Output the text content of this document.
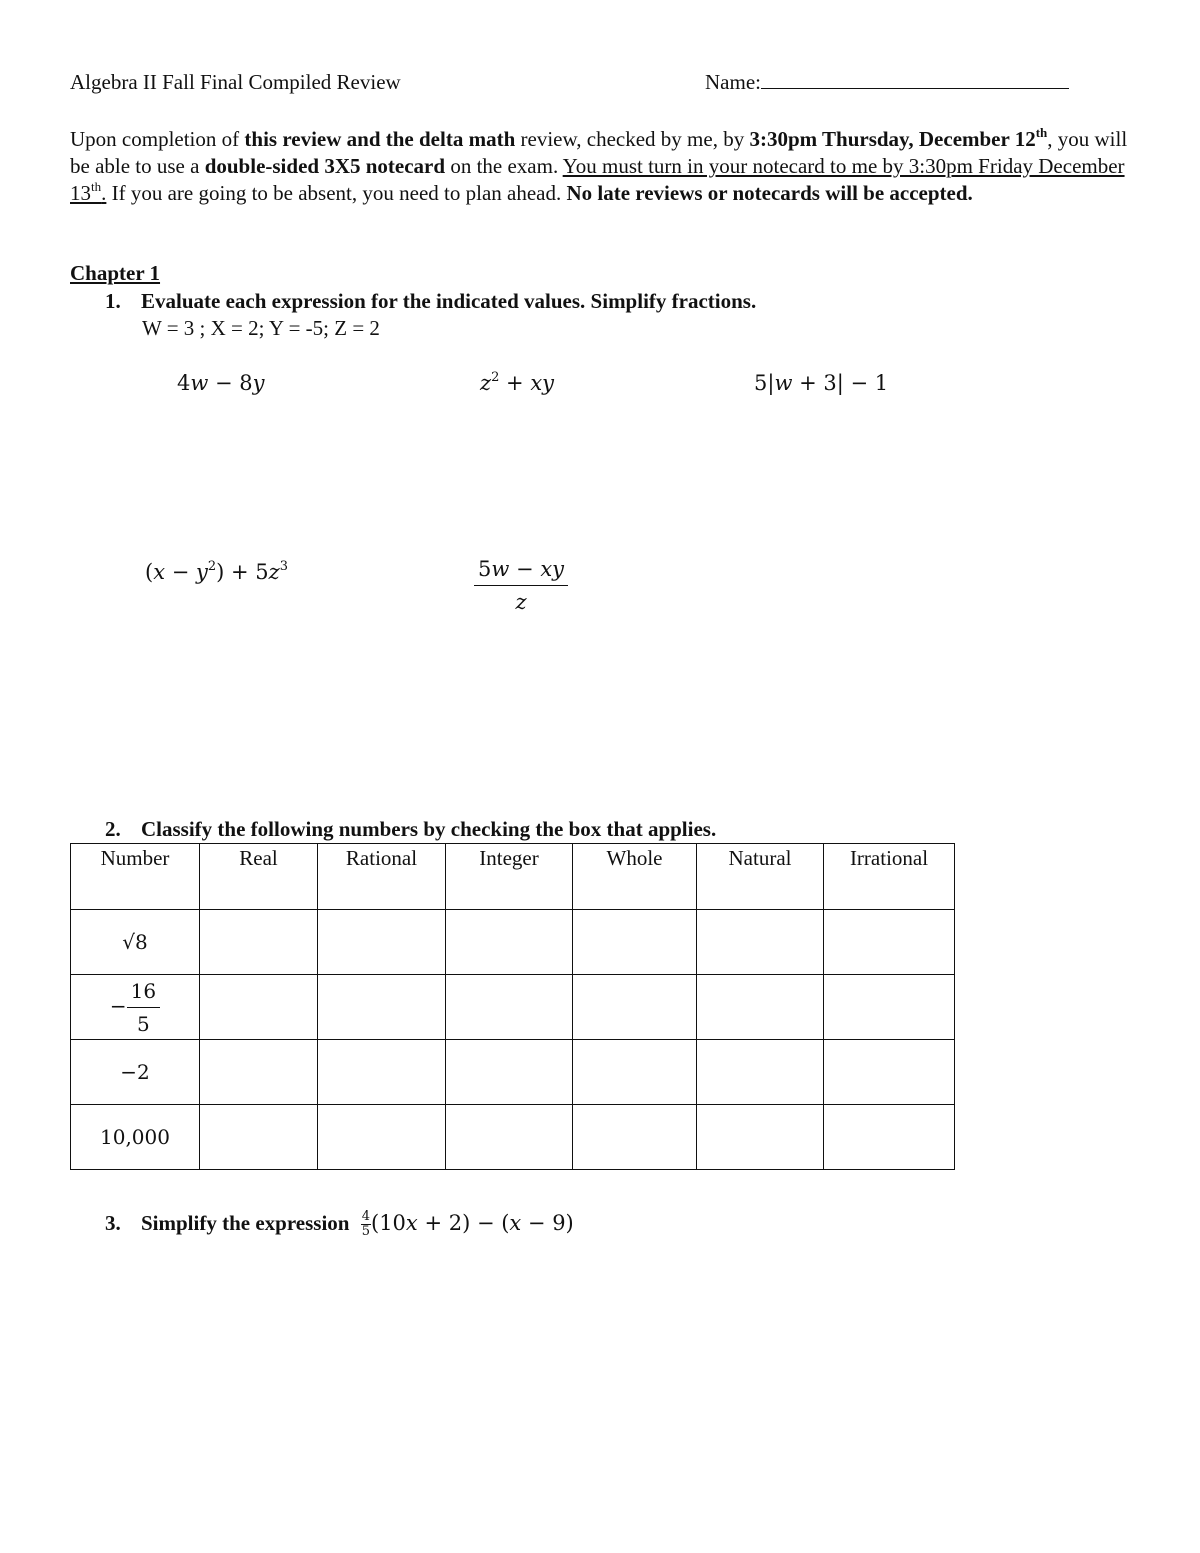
Algebra II Fall Final Compiled Review	Name:
Upon completion of this review and the delta math review, checked by me, by 3:30pm Thursday, December 12th, you will be able to use a double-sided 3X5 notecard on the exam. You must turn in your notecard to me by 3:30pm Friday December 13th. If you are going to be absent, you need to plan ahead. No late reviews or notecards will be accepted.
Chapter 1
1. Evaluate each expression for the indicated values. Simplify fractions.
W = 3 ; X = 2; Y = -5; Z = 2
4w − 8y	$z^2$ + xy	5|w + 3| − 1
$(x - y^2) + 5z^3$	$\frac{5w - xy}{z}$
2. Classify the following numbers by checking the box that applies.
Number	Real	Rational	Integer	Whole	Natural	Irrational
√8						
− $\frac{16}{5}$

−2						
10,000						
3. Simplify the expression $\frac{4}{5} (10x + 2) - (x - 9)$
